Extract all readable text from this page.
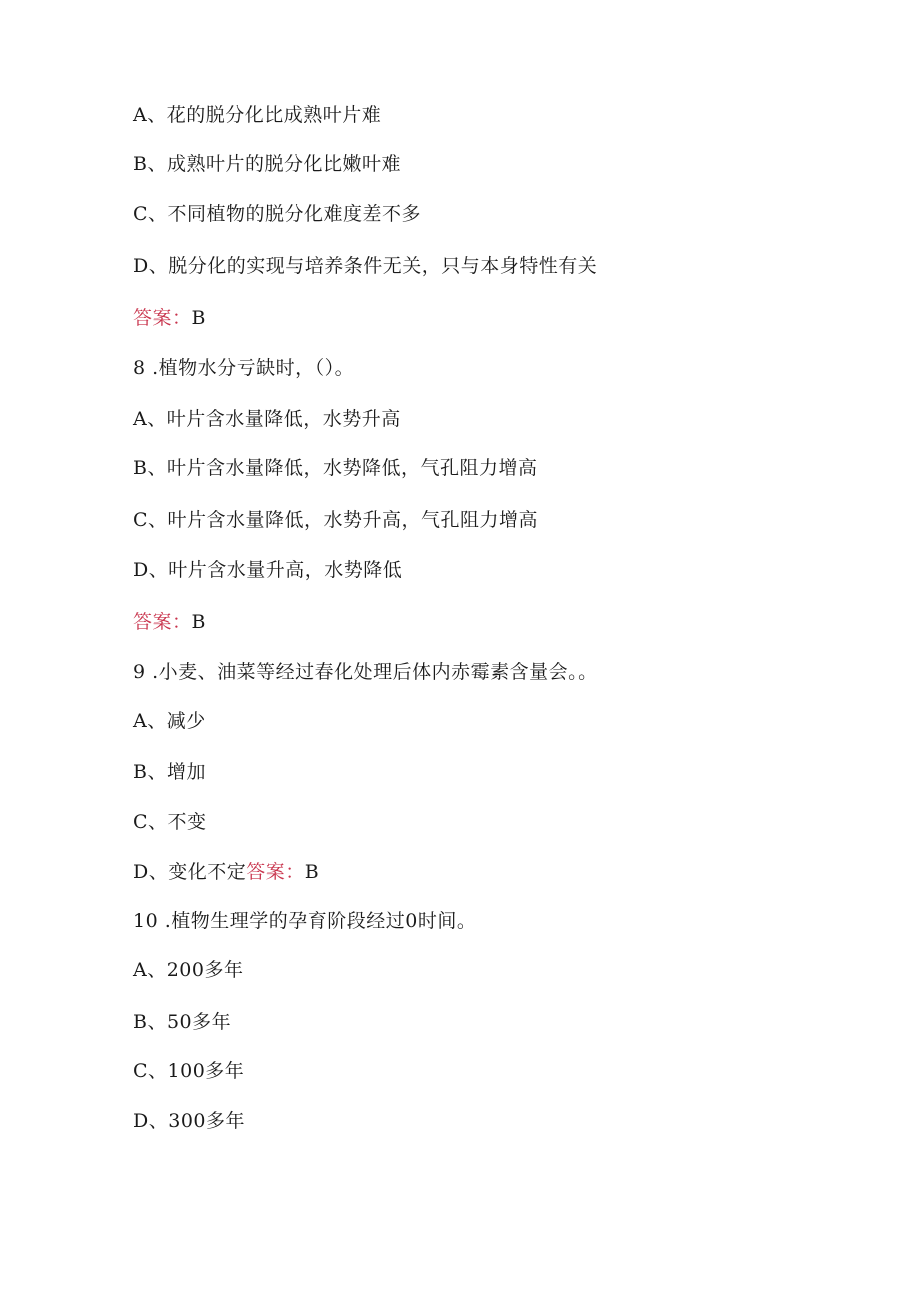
A、花的脱分化比成熟叶片难
B、成熟叶片的脱分化比嫩叶难
C、不同植物的脱分化难度差不多
D、脱分化的实现与培养条件无关，只与本身特性有关
答案：B
8 .植物水分亏缺时，（）。
A、叶片含水量降低，水势升高
B、叶片含水量降低，水势降低，气孔阻力增高
C、叶片含水量降低，水势升高，气孔阻力增高
D、叶片含水量升高，水势降低
答案：B
9 .小麦、油菜等经过春化处理后体内赤霉素含量会。。
A、减少
B、增加
C、不变
D、变化不定答案：B
10 .植物生理学的孕育阶段经过0时间。
A、200多年
B、50多年
C、100多年
D、300多年
